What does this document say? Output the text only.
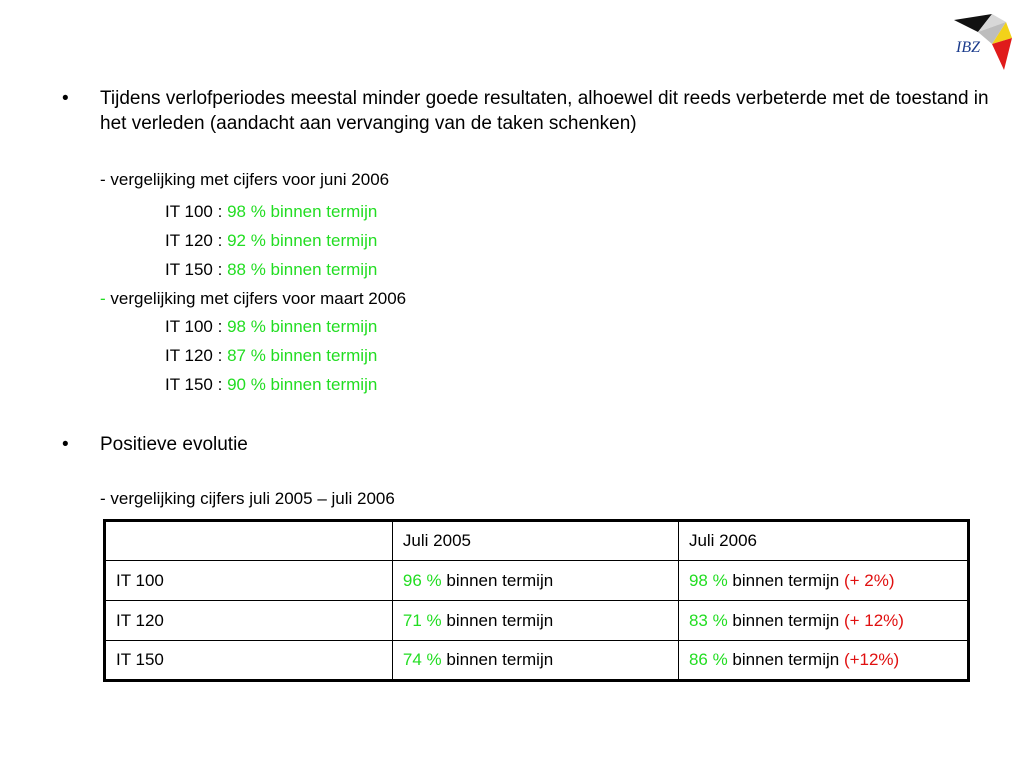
IBZ
• Tijdens verlofperiodes meestal minder goede resultaten, alhoewel dit reeds verbeterde met de toestand in het verleden (aandacht aan vervanging van de taken schenken)
- vergelijking met cijfers voor juni 2006
IT 100 : 98 % binnen termijn
IT 120 : 92 % binnen termijn
IT 150 : 88 % binnen termijn
- vergelijking met cijfers voor maart 2006
IT 100 : 98 % binnen termijn
IT 120 : 87 % binnen termijn
IT 150 : 90 % binnen termijn
• Positieve evolutie
- vergelijking cijfers juli 2005 – juli 2006
	Juli 2005	Juli 2006
IT 100	96 % binnen termijn	98 % binnen termijn (+ 2%)
IT 120	71 % binnen termijn	83 % binnen termijn (+ 12%)
IT 150	74 % binnen termijn	86 % binnen termijn (+12%)
